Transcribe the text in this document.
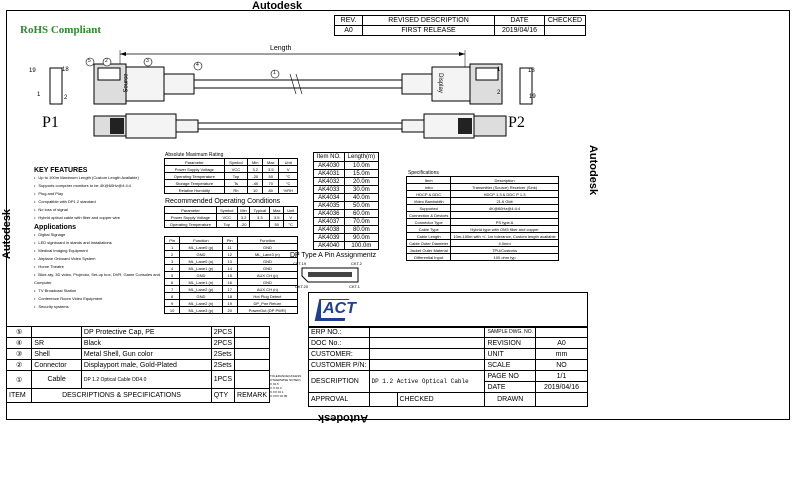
Autodesk
Autodesk
Autodesk
Autodesk
REV.	REVISED DESCRIPTION	DATE	CHECKED
A0	FIRST RELEASE	2019/04/16	
RoHS Compliant
Length
Source	Display
19	18
1	2
1
2
18
19
1
2	3
4
5
P1	P2
KEY FEATURES
• Up to 100m Maximum Length (Custom Length Available)
• Supports computer monitors to be 4K@60Hz@4:4:4
• Plug and Play
• Compatible with DP1.2 standard
• No loss of signal
• Hybrid optical cable with fiber and copper wire
Applications
• Digital Signage
• LED signboard in stands and installations
• Medical Imaging Equipment
• Airplane Onboard Video System
• Home Theatre
• Blue-ray, 3D video, Projector, Set-up box, DVR, Game Consoles and Computer
• TV Broadcast Station
• Conference Room Video Equipment
• Security systems
Absolute Maximum Rating
Parameter	Symbol	Min	Max	Unit
Power Supply Voltage	VCC	3.2	3.5	V
Operating Temperature	Top	-20	50	°C
Storage Temperature	Ts	-40	70	°C
Relative Humidity	Rh	10	80	%RH
Recommended Operating Conditions
Parameter	Symbol	Min	Typical	Max	Unit
Power Supply Voltage	VCC	3.2	3.3	3.5	V
Operating Temperature	Top	-20		50	°C
Pin	Function	Pin	Function
1	ML_Lane0 (p)	11	GND
2	GND	12	ML_Lane3 (n)
3	ML_Lane0 (n)	13	GND
4	ML_Lane1 (p)	14	GND
5	GND	15	AUX CH (p)
6	ML_Lane1 (n)	16	GND
7	ML_Lane2 (p)	17	AUX CH (n)
8	GND	18	Hot Plug Detect
9	ML_Lane2 (n)	19	DP_Pwr Return
10	ML_Lane3 (p)	20	PowerOut (DP PWR)
Item NO.	Length(m)
AK4030	10.0m
AK4031	15.0m
AK4032	20.0m
AK4033	30.0m
AK4034	40.0m
AK4035	50.0m
AK4036	60.0m
AK4037	70.0m
AK4038	80.0m
AK4039	90.0m
AK4040	100.0m
DP Type A Pin Assignmentz
CKT.19	CKT.2
CKT.20	CKT.1
Specifications
Item	Description
Intro	Transmitter (Source) Receiver (Sink)
HDCP & DDC	HDCP 1.3 & DDC P 1.3
Video Bandwidth	21.6 Gbit
Supported	4K@60Hz@4:4:4
Connection & Devices	
Connector Type	PS type A
Cable Type	Hybrid type with OM3 fiber and copper
Cable Length	10m-100m with +/- 1m tolerance, Custom length available
Cable Outer Diameter	4.0mm
Jacket Outer Material	TPU/Customs
Differential Input	100 ohm typ
ACT
⑤		DP Protective Cap, PE	2PCS	
④	SR	Black	2PCS	
③	Shell	Metal Shell, Gun color	2Sets	
②	Connector	Displayport male, Gold-Plated	2Sets	
①	Cable	DP 1.2 Optical Cable OD4.0	1PCS	
ITEM	DESCRIPTIONS & SPECIFICATIONS		QTY	REMARK
TOLERANCE(UNLESS OTHERWISE NOTED)
X ±0.5
X.X ±0.3
X.XX ±0.1
X.XXX ±0.05
ERP NO.:			SAMPLE DWG. NO.	
DOC No.:			REVISION	A0
CUSTOMER:			UNIT	mm
CUSTOMER P/N:			SCALE	NO
DESCRIPTION	DP 1.2 Active Optical Cable		PAGE NO	1/1
			DATE	2019/04/16
APPROVAL		CHECKED	DRAWN	
